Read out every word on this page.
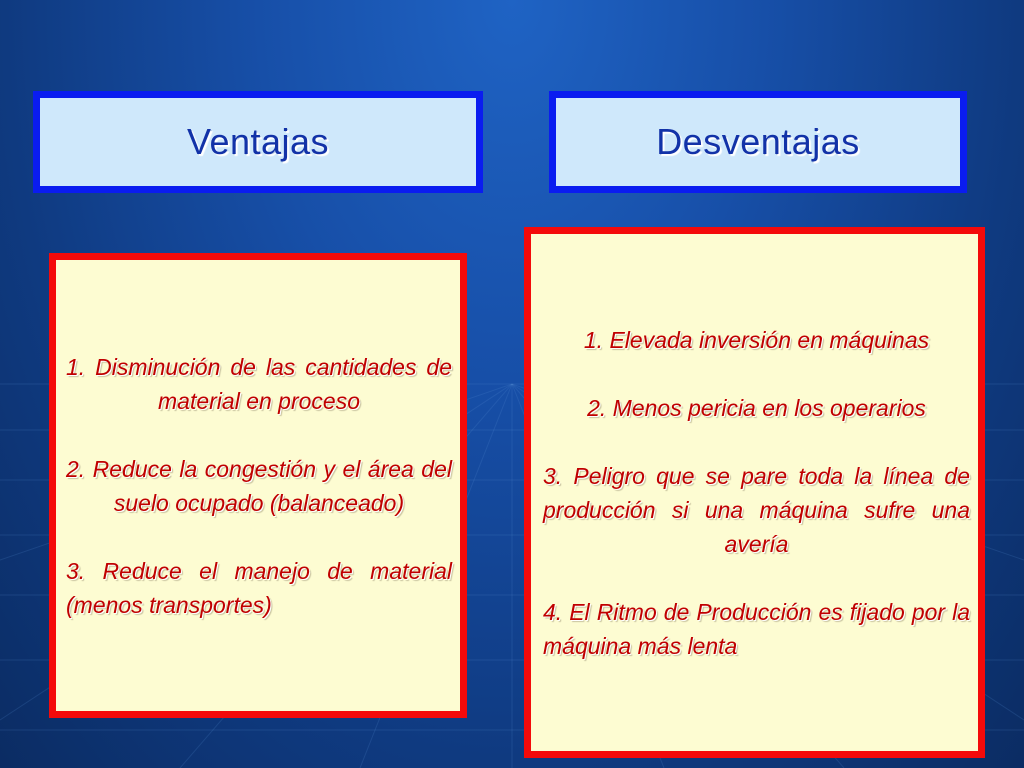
Ventajas	Desventajas

1. Disminución de las cantidades de material en proceso

2. Reduce la congestión y el área del suelo ocupado (balanceado)

3. Reduce el manejo de material (menos transportes)

1. Elevada inversión en máquinas

2. Menos pericia en los operarios

3. Peligro que se pare toda la línea de producción si una máquina sufre una avería

4. El Ritmo de Producción es fijado por la máquina más lenta
